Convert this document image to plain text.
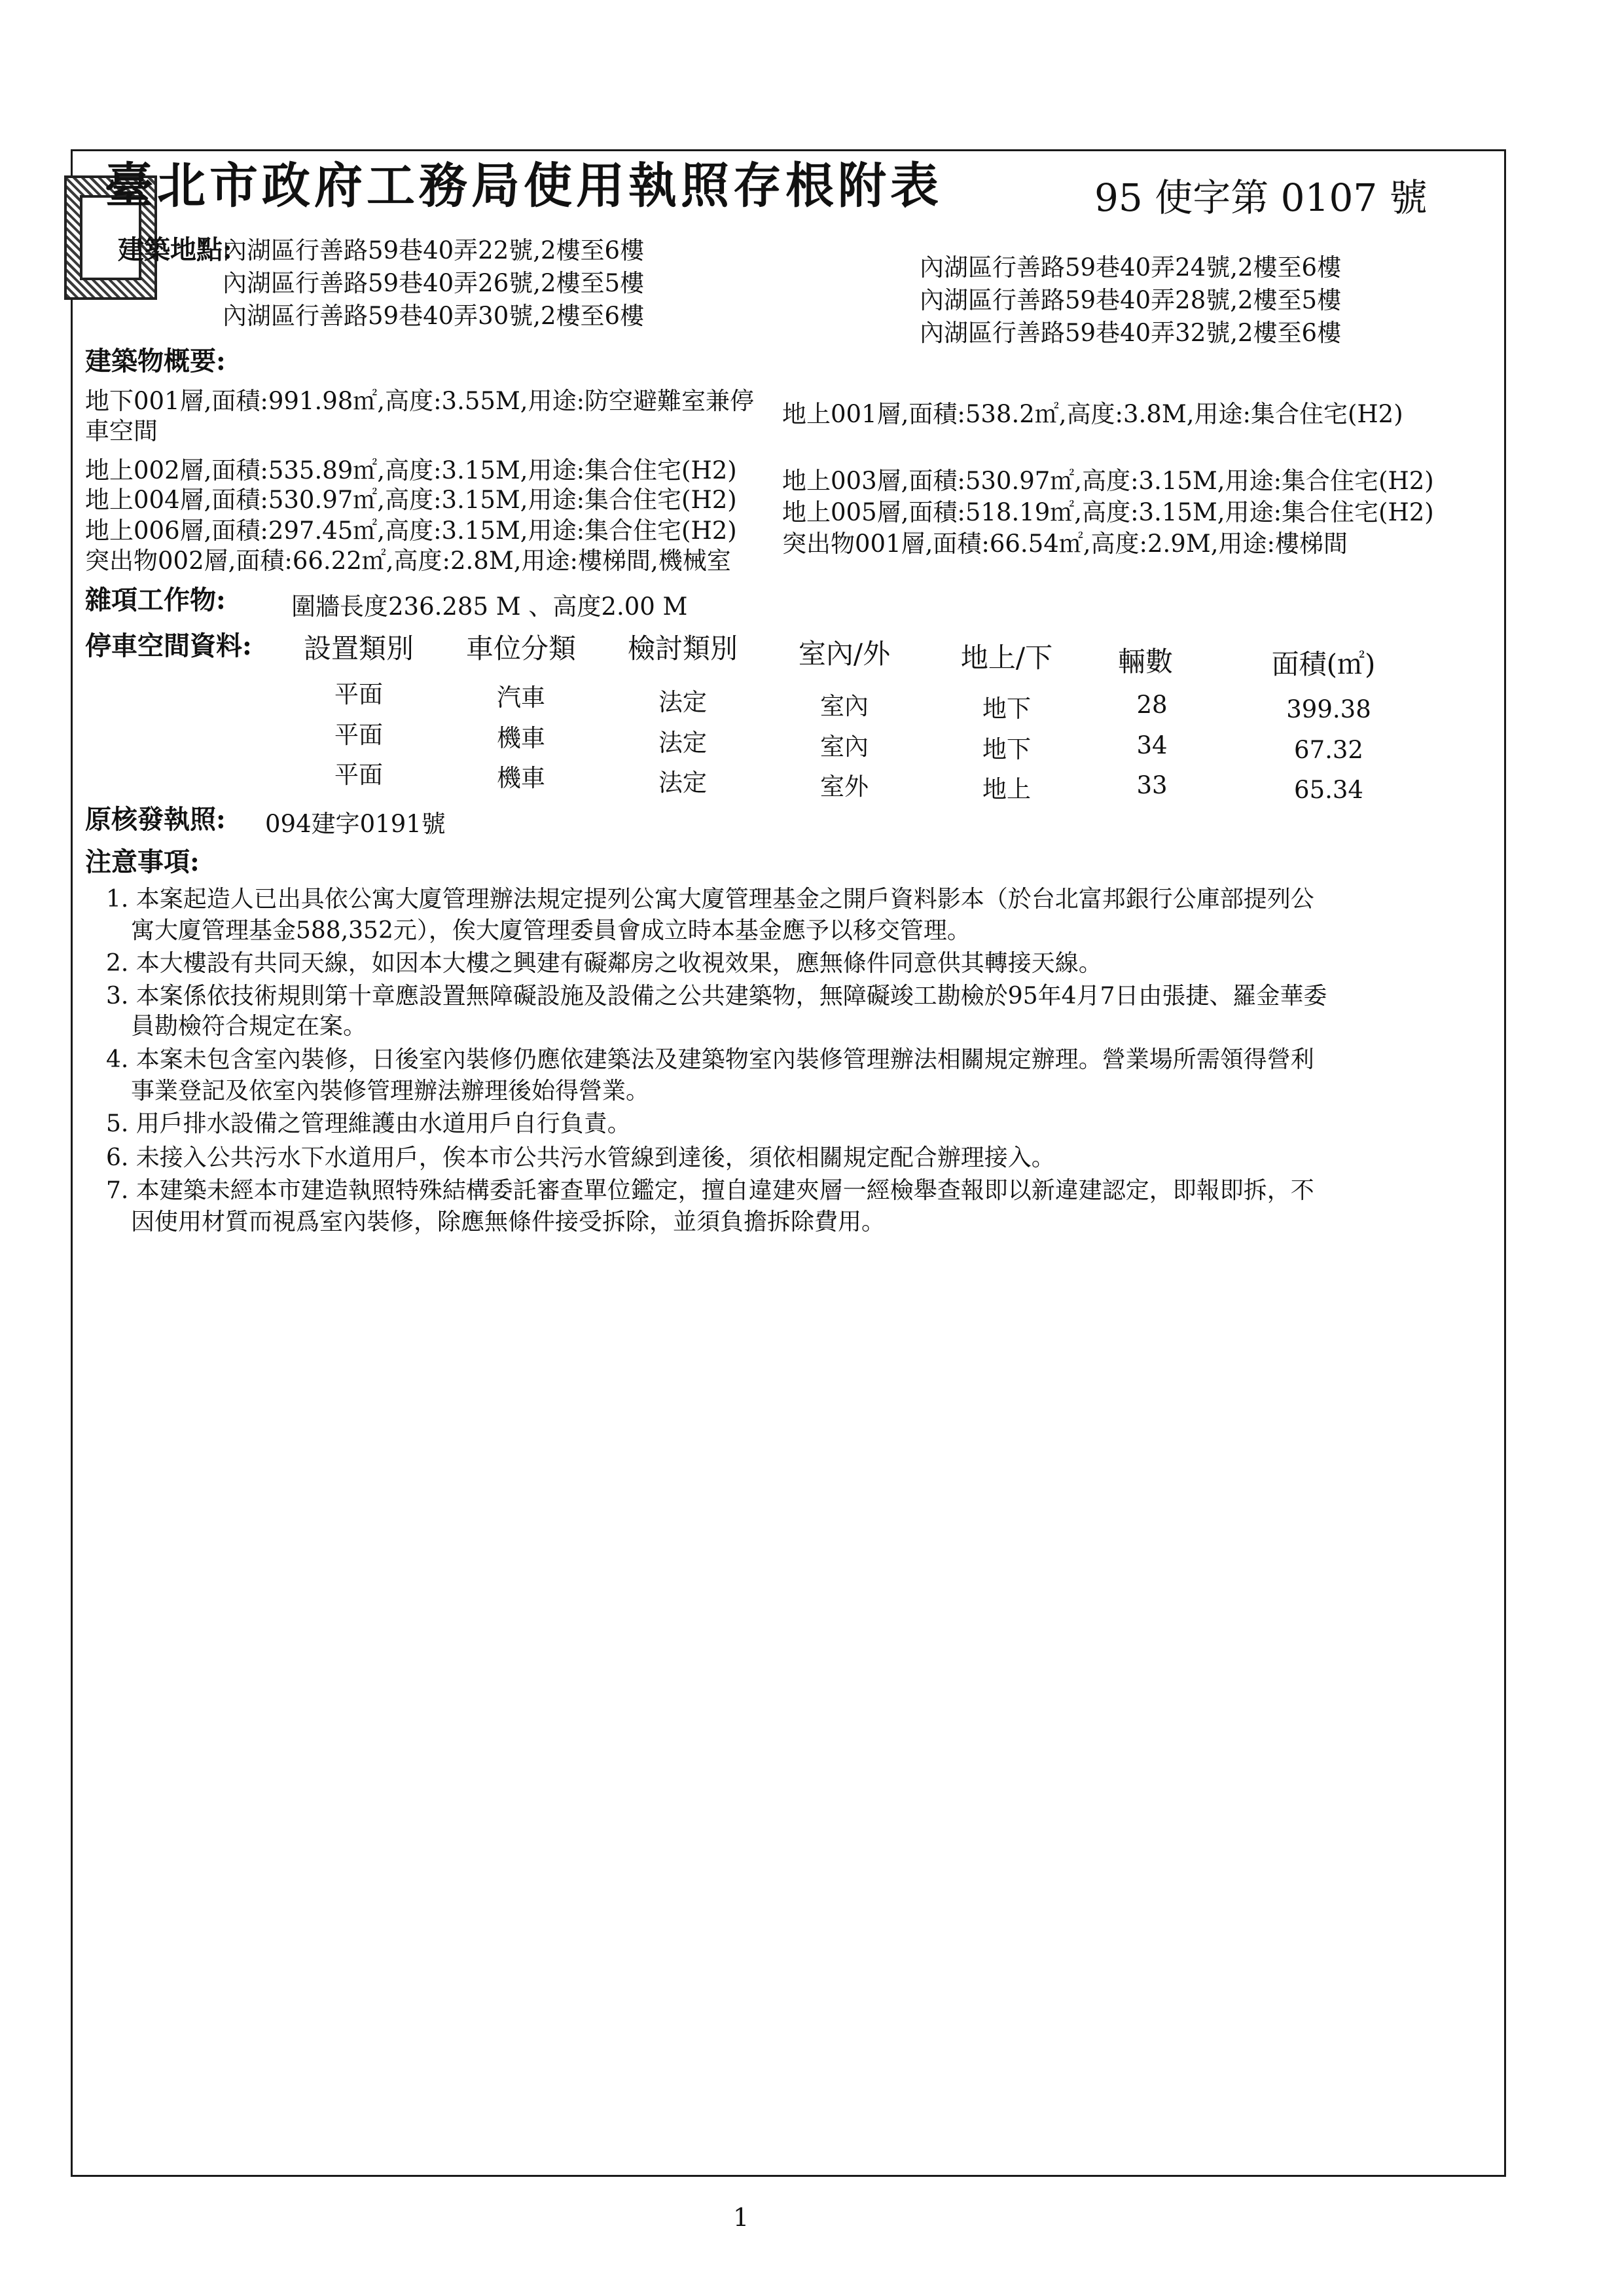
臺北市政府工務局使用執照存根附表	95 使字第 0107 號
建築地點:
內湖區行善路59巷40弄22號,2樓至6樓
內湖區行善路59巷40弄26號,2樓至5樓
內湖區行善路59巷40弄30號,2樓至6樓
內湖區行善路59巷40弄24號,2樓至6樓
內湖區行善路59巷40弄28號,2樓至5樓
內湖區行善路59巷40弄32號,2樓至6樓
建築物概要:
地下001層,面積:991.98㎡,高度:3.55M,用途:防空避難室兼停
車空間
地上001層,面積:538.2㎡,高度:3.8M,用途:集合住宅(H2)
地上002層,面積:535.89㎡,高度:3.15M,用途:集合住宅(H2) 地上003層,面積:530.97㎡,高度:3.15M,用途:集合住宅(H2)
地上004層,面積:530.97㎡,高度:3.15M,用途:集合住宅(H2) 地上005層,面積:518.19㎡,高度:3.15M,用途:集合住宅(H2)
地上006層,面積:297.45㎡,高度:3.15M,用途:集合住宅(H2) 突出物001層,面積:66.54㎡,高度:2.9M,用途:樓梯間
突出物002層,面積:66.22㎡,高度:2.8M,用途:樓梯間,機械室
雜項工作物:	圍牆長度236.285 M 、高度2.00 M
停車空間資料: 設置類別 車位分類 檢討類別 室內/外	地上/下 輛數	面積(㎡)
平面	汽車	法定	室內	地下	28	399.38
平面	機車	法定	室內	地下	34	67.32
平面	機車	法定	室外	地上	33	65.34
原核發執照: 094建字0191號
注意事項:
1. 本案起造人已出具依公寓大廈管理辦法規定提列公寓大廈管理基金之開戶資料影本（於台北富邦銀行公庫部提列公
寓大廈管理基金588,352元），俟大廈管理委員會成立時本基金應予以移交管理。
2. 本大樓設有共同天線，如因本大樓之興建有礙鄰房之收視效果，應無條件同意供其轉接天線。
3. 本案係依技術規則第十章應設置無障礙設施及設備之公共建築物，無障礙竣工勘檢於95年4月7日由張捷、羅金華委
員勘檢符合規定在案。
4. 本案未包含室內裝修，日後室內裝修仍應依建築法及建築物室內裝修管理辦法相關規定辦理。營業場所需領得營利
事業登記及依室內裝修管理辦法辦理後始得營業。
5. 用戶排水設備之管理維護由水道用戶自行負責。
6. 未接入公共污水下水道用戶，俟本市公共污水管線到達後，須依相關規定配合辦理接入。
7. 本建築未經本市建造執照特殊結構委託審查單位鑑定，擅自違建夾層一經檢舉查報即以新違建認定，即報即拆，不
因使用材質而視爲室內裝修，除應無條件接受拆除，並須負擔拆除費用。
1
